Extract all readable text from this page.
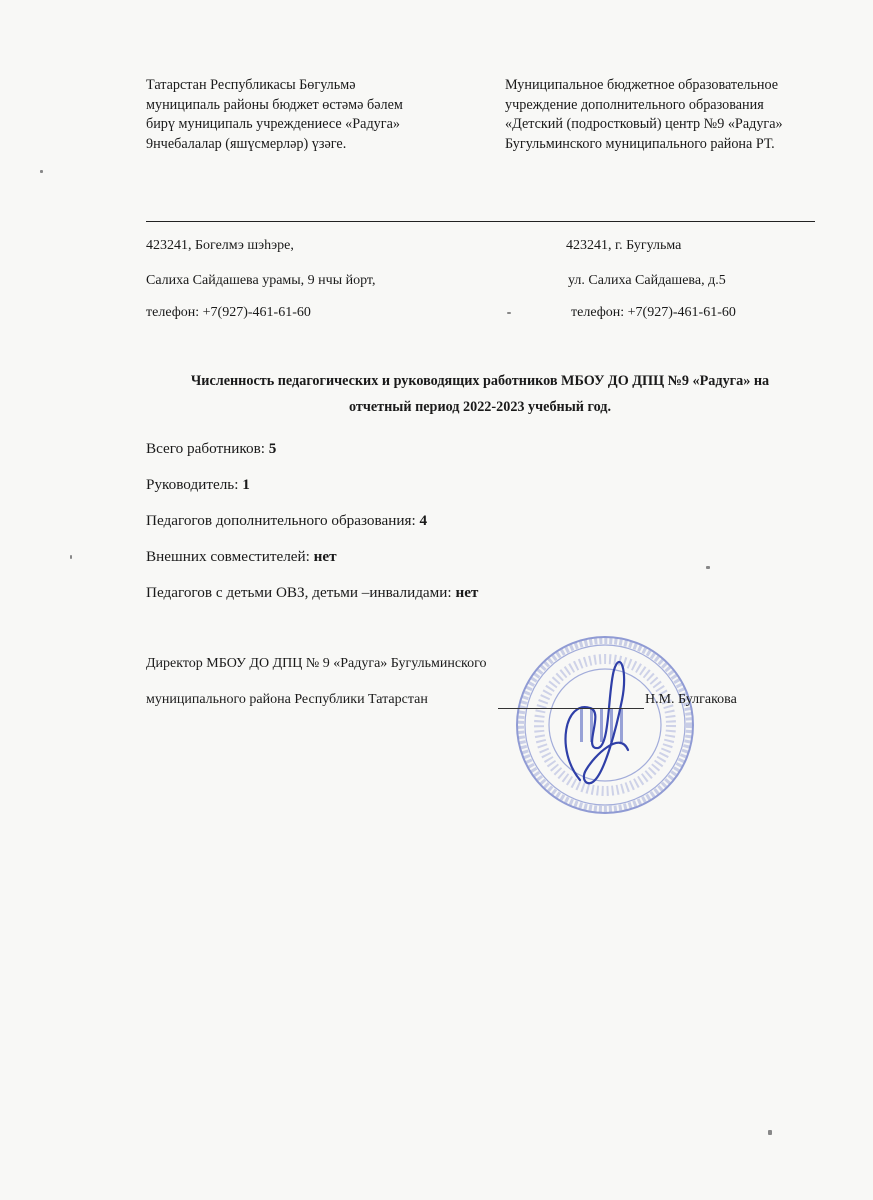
Татарстан Республикасы Бөгульмә
муниципаль районы бюджет өстәмә бәлем
бирү муниципаль учреждениесе «Радуга»
9нчебалалар (яшүсмерләр) үзәге.
Муниципальное бюджетное образовательное
учреждение дополнительного образования
«Детский (подростковый) центр №9 «Радуга»
Бугульминского муниципального района РТ.
423241, Богелмэ шэһэре,
Салиха Сайдашева урамы, 9 нчы йорт,
телефон: +7(927)-461-61-60
423241, г. Бугульма
ул. Салиха Сайдашева, д.5
телефон: +7(927)-461-61-60
Численность педагогических и руководящих работников МБОУ ДО ДПЦ №9 «Радуга» на
отчетный период 2022-2023 учебный год.
Всего работников: 5
Руководитель: 1
Педагогов дополнительного образования: 4
Внешних совместителей: нет
Педагогов с детьми ОВЗ, детьми –инвалидами: нет
Директор МБОУ ДО ДПЦ № 9 «Радуга» Бугульминского
муниципального района Республики Татарстан	Н.М. Булгакова
